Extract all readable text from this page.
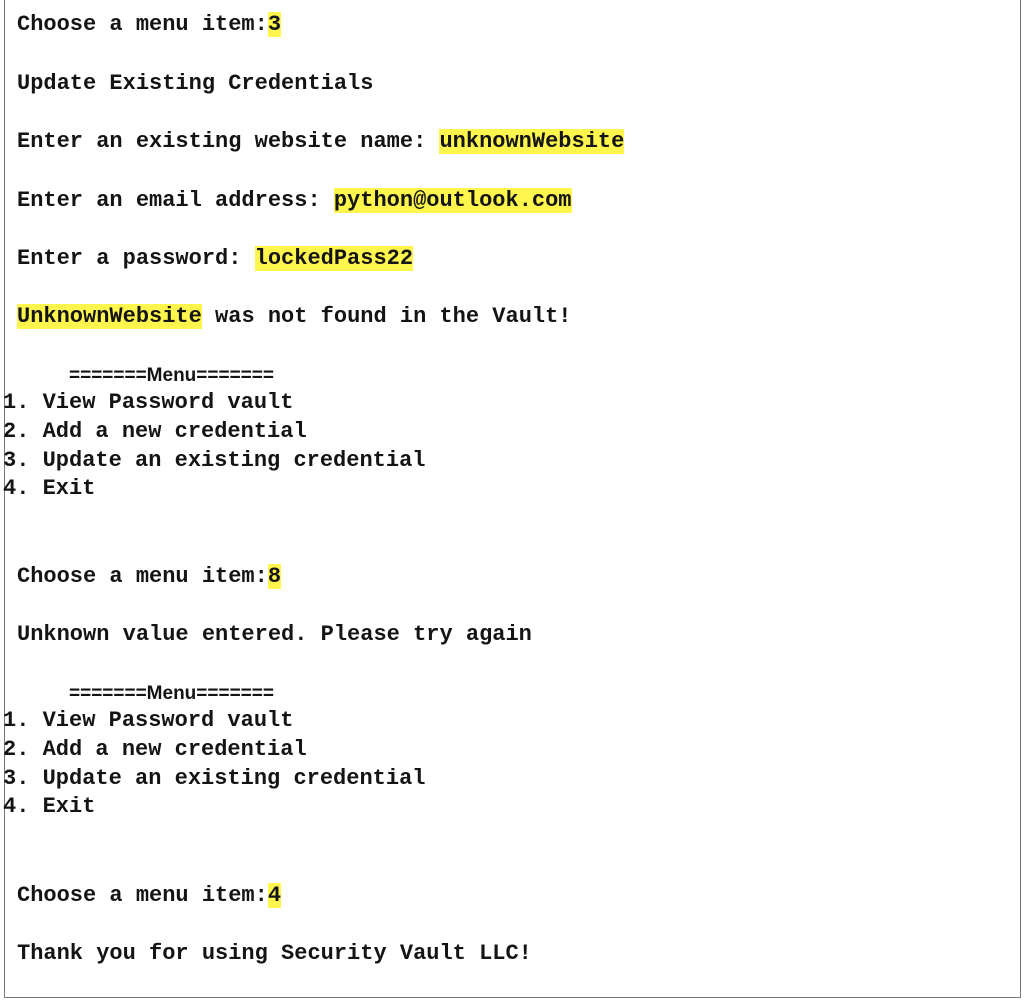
Choose a menu item:3

Update Existing Credentials

Enter an existing website name: unknownWebsite

Enter an email address: python@outlook.com

Enter a password: lockedPass22

UnknownWebsite was not found in the Vault!

=======Menu=======

1. View Password vault

2. Add a new credential

3. Update an existing credential

4. Exit

Choose a menu item:8

Unknown value entered. Please try again

=======Menu=======

1. View Password vault

2. Add a new credential

3. Update an existing credential

4. Exit

Choose a menu item:4

Thank you for using Security Vault LLC!
